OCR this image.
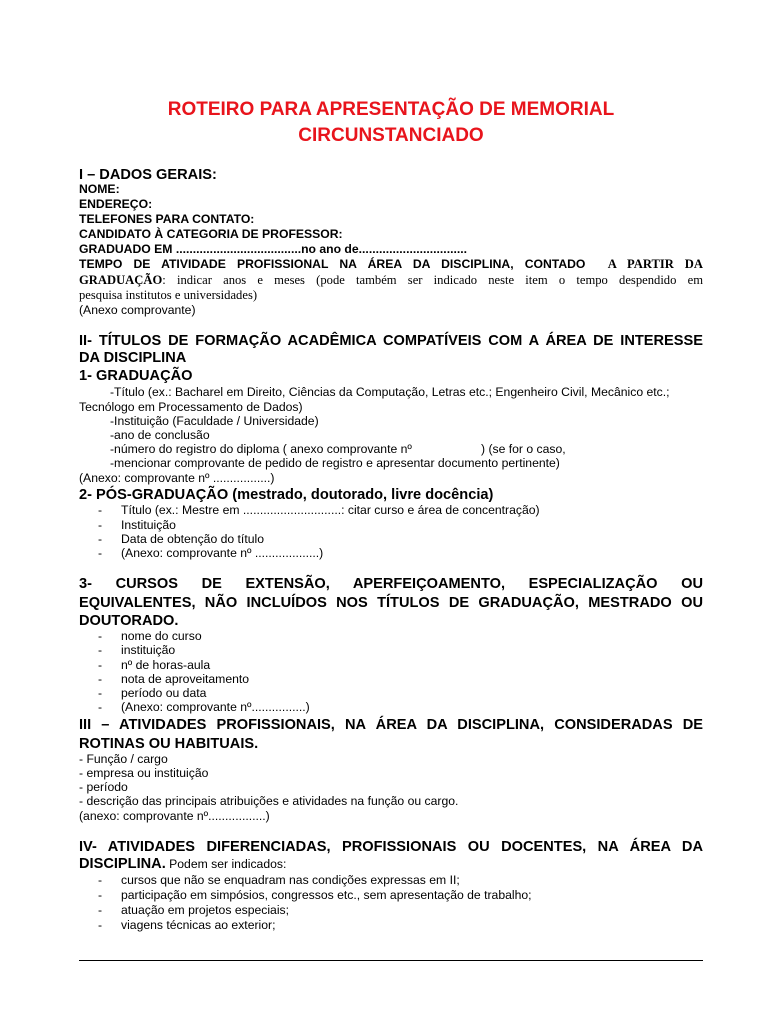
ROTEIRO PARA APRESENTAÇÃO DE MEMORIAL
CIRCUNSTANCIADO
I – DADOS GERAIS:
NOME:
ENDEREÇO:
TELEFONES PARA CONTATO:
CANDIDATO À CATEGORIA DE PROFESSOR:
GRADUADO EM .....................................no ano de................................
TEMPO DE ATIVIDADE PROFISSIONAL NA ÁREA DA DISCIPLINA, CONTADO A PARTIR DA
GRADUAÇÃO: indicar anos e meses (pode também ser indicado neste item o tempo despendido em
pesquisa institutos e universidades)
(Anexo comprovante)
II- TÍTULOS DE FORMAÇÃO ACADÊMICA COMPATÍVEIS COM A ÁREA DE INTERESSE
DA DISCIPLINA
1- GRADUAÇÃO
-Título (ex.: Bacharel em Direito, Ciências da Computação, Letras etc.; Engenheiro Civil, Mecânico etc.;
Tecnólogo em Processamento de Dados)
-Instituição (Faculdade / Universidade)
-ano de conclusão
-número do registro do diploma ( anexo comprovante nº	) (se for o caso,
-mencionar comprovante de pedido de registro e apresentar documento pertinente)
(Anexo: comprovante nº .................)
2- PÓS-GRADUAÇÃO (mestrado, doutorado, livre docência)
- Título (ex.: Mestre em .............................: citar curso e área de concentração)
- Instituição
- Data de obtenção do título
- (Anexo: comprovante nº ...................)
3- CURSOS DE EXTENSÃO, APERFEIÇOAMENTO, ESPECIALIZAÇÃO OU
EQUIVALENTES, NÃO INCLUÍDOS NOS TÍTULOS DE GRADUAÇÃO, MESTRADO OU
DOUTORADO.
- nome do curso
- instituição
- nº de horas-aula
- nota de aproveitamento
- período ou data
- (Anexo: comprovante nº................)
III – ATIVIDADES PROFISSIONAIS, NA ÁREA DA DISCIPLINA, CONSIDERADAS DE
ROTINAS OU HABITUAIS.
- Função / cargo
- empresa ou instituição
- período
- descrição das principais atribuições e atividades na função ou cargo.
(anexo: comprovante nº.................)
IV- ATIVIDADES DIFERENCIADAS, PROFISSIONAIS OU DOCENTES, NA ÁREA DA
DISCIPLINA. Podem ser indicados:
- cursos que não se enquadram nas condições expressas em II;
- participação em simpósios, congressos etc., sem apresentação de trabalho;
- atuação em projetos especiais;
- viagens técnicas ao exterior;
